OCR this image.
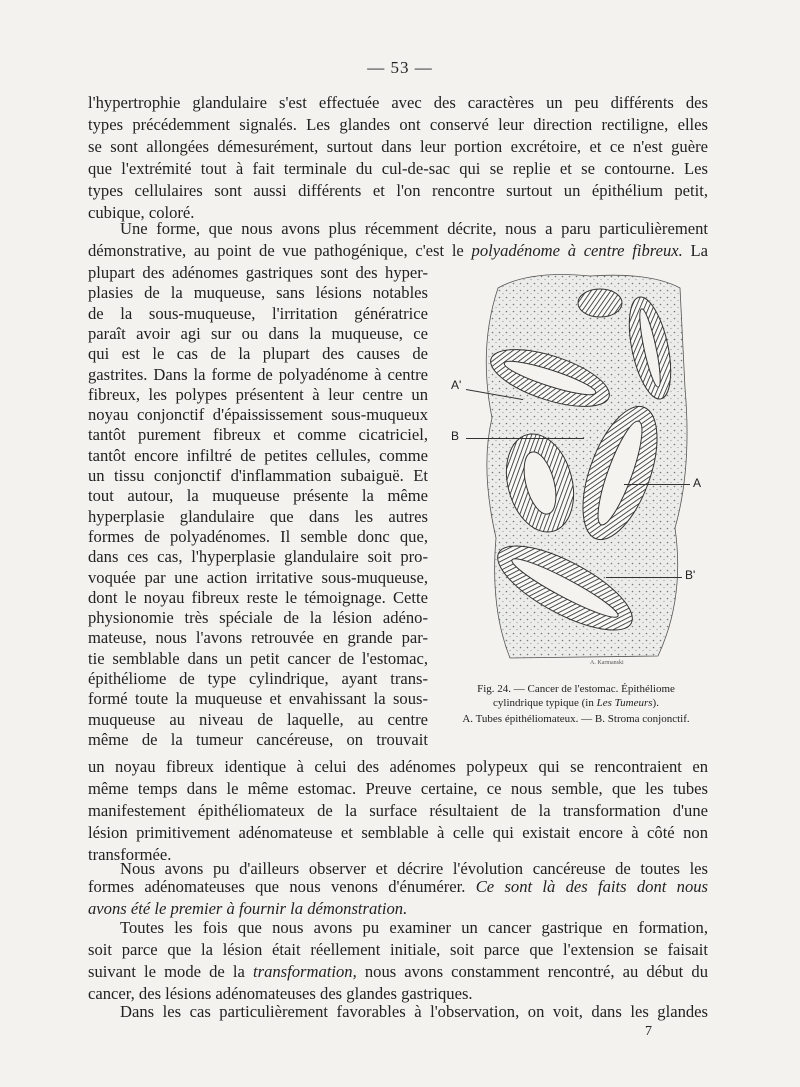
— 53 —
l'hypertrophie glandulaire s'est effectuée avec des caractères un peu différents des
types précédemment signalés. Les glandes ont conservé leur direction rectiligne, elles
se sont allongées démesurément, surtout dans leur portion excrétoire, et ce n'est guère
que l'extrémité tout à fait terminale du cul-de-sac qui se replie et se contourne. Les
types cellulaires sont aussi différents et l'on rencontre surtout un épithélium petit,
cubique, coloré.
Une forme, que nous avons plus récemment décrite, nous a paru particulièrement
démonstrative, au point de vue pathogénique, c'est le polyadénome à centre fibreux. La
plupart des adénomes gastriques sont des hyper-
plasies de la muqueuse, sans lésions notables
de la sous-muqueuse, l'irritation génératrice
paraît avoir agi sur ou dans la muqueuse, ce
qui est le cas de la plupart des causes de
gastrites. Dans la forme de polyadénome à centre
fibreux, les polypes présentent à leur centre un
noyau conjonctif d'épaississement sous-muqueux
tantôt purement fibreux et comme cicatriciel,
tantôt encore infiltré de petites cellules, comme
un tissu conjonctif d'inflammation subaiguë. Et
tout autour, la muqueuse présente la même
hyperplasie glandulaire que dans les autres
formes de polyadénomes. Il semble donc que,
dans ces cas, l'hyperplasie glandulaire soit pro-
voquée par une action irritative sous-muqueuse,
dont le noyau fibreux reste le témoignage. Cette
physionomie très spéciale de la lésion adéno-
mateuse, nous l'avons retrouvée en grande par-
tie semblable dans un petit cancer de l'estomac,
épithéliome de type cylindrique, ayant trans-
formé toute la muqueuse et envahissant la sous-
muqueuse au niveau de laquelle, au centre
même de la tumeur cancéreuse, on trouvait
A. Karmanski
A'
B
A
B'
Fig. 24. — Cancer de l'estomac. Épithéliome
cylindrique typique (in Les Tumeurs).
A. Tubes épithéliomateux. — B. Stroma conjonctif.
un noyau fibreux identique à celui des adénomes polypeux qui se rencontraient en
même temps dans le même estomac. Preuve certaine, ce nous semble, que les tubes
manifestement épithéliomateux de la surface résultaient de la transformation d'une
lésion primitivement adénomateuse et semblable à celle qui existait encore à côté non
transformée.
Nous avons pu d'ailleurs observer et décrire l'évolution cancéreuse de toutes les
formes adénomateuses que nous venons d'énumérer. Ce sont là des faits dont nous
avons été le premier à fournir la démonstration.
Toutes les fois que nous avons pu examiner un cancer gastrique en formation,
soit parce que la lésion était réellement initiale, soit parce que l'extension se faisait
suivant le mode de la transformation, nous avons constamment rencontré, au début du
cancer, des lésions adénomateuses des glandes gastriques.
Dans les cas particulièrement favorables à l'observation, on voit, dans les glandes
7
